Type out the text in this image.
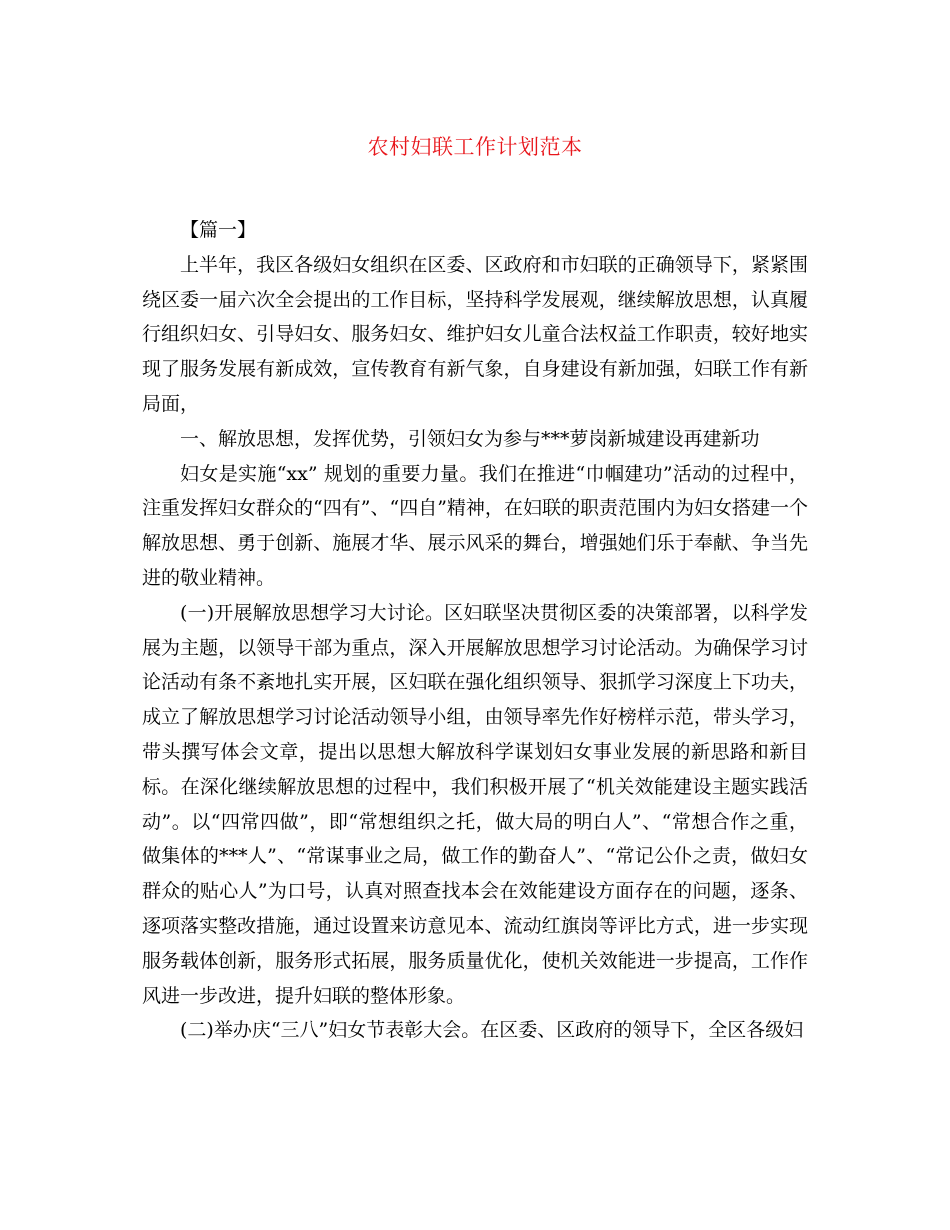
农村妇联工作计划范本

【篇一】

上半年，我区各级妇女组织在区委、区政府和市妇联的正确领导下，紧紧围绕区委一届六次全会提出的工作目标，坚持科学发展观，继续解放思想，认真履行组织妇女、引导妇女、服务妇女、维护妇女儿童合法权益工作职责，较好地实现了服务发展有新成效，宣传教育有新气象，自身建设有新加强，妇联工作有新局面，

一、解放思想，发挥优势，引领妇女为参与***萝岗新城建设再建新功

妇女是实施“xx” 规划的重要力量。我们在推进“巾帼建功”活动的过程中，注重发挥妇女群众的“四有”、“四自”精神，在妇联的职责范围内为妇女搭建一个解放思想、勇于创新、施展才华、展示风采的舞台，增强她们乐于奉献、争当先进的敬业精神。

(一)开展解放思想学习大讨论。区妇联坚决贯彻区委的决策部署，以科学发展为主题，以领导干部为重点，深入开展解放思想学习讨论活动。为确保学习讨论活动有条不紊地扎实开展，区妇联在强化组织领导、狠抓学习深度上下功夫，成立了解放思想学习讨论活动领导小组，由领导率先作好榜样示范，带头学习，带头撰写体会文章，提出以思想大解放科学谋划妇女事业发展的新思路和新目标。在深化继续解放思想的过程中，我们积极开展了“机关效能建设主题实践活动”。以“四常四做”，即“常想组织之托，做大局的明白人”、“常想合作之重，做集体的***人”、“常谋事业之局，做工作的勤奋人”、“常记公仆之责，做妇女群众的贴心人”为口号，认真对照查找本会在效能建设方面存在的问题，逐条、逐项落实整改措施，通过设置来访意见本、流动红旗岗等评比方式，进一步实现服务载体创新，服务形式拓展，服务质量优化，使机关效能进一步提高，工作作风进一步改进，提升妇联的整体形象。

(二)举办庆“三八”妇女节表彰大会。在区委、区政府的领导下，全区各级妇
